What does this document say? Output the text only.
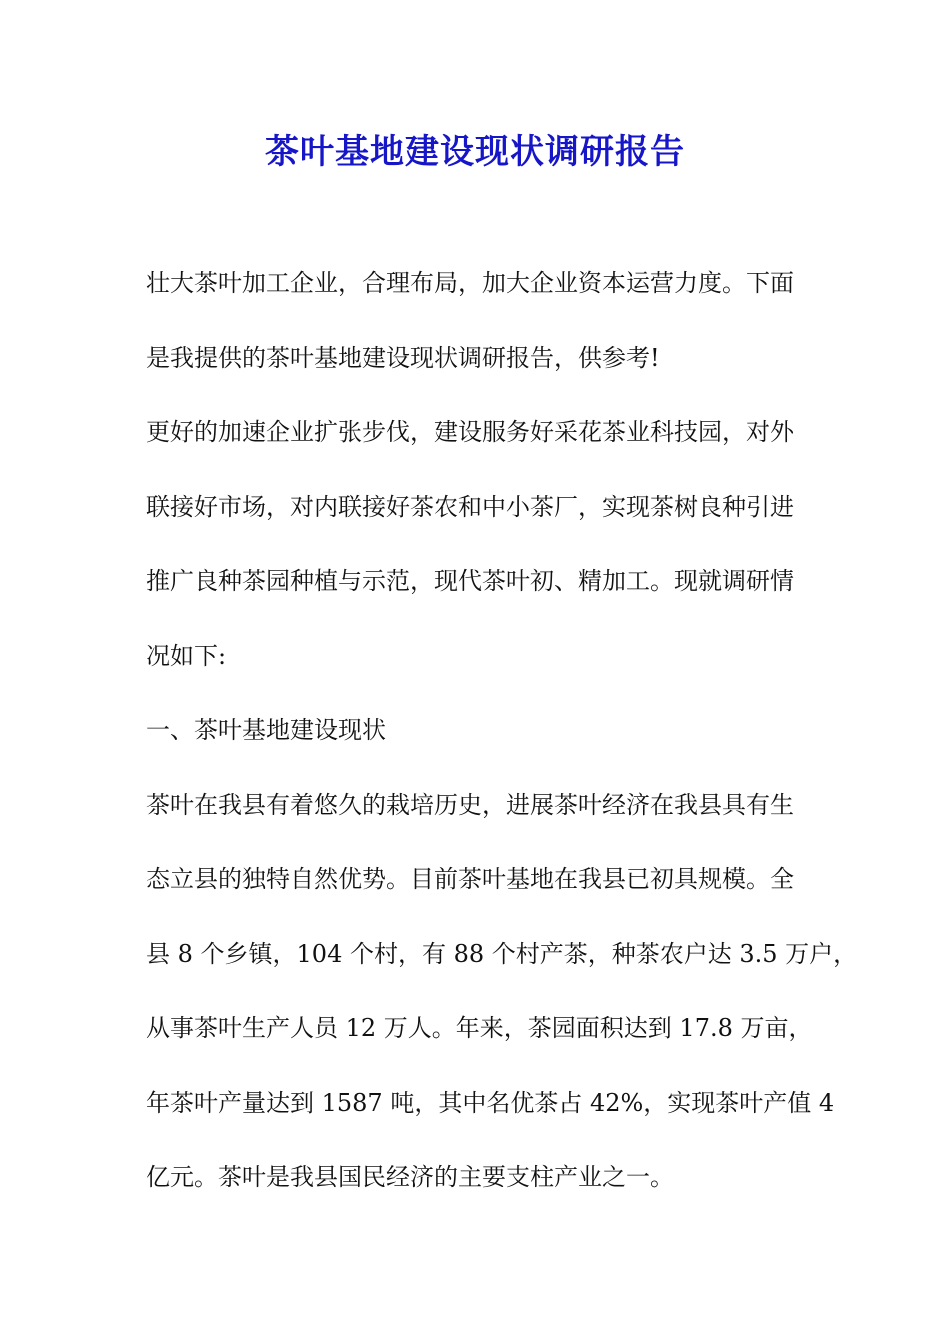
茶叶基地建设现状调研报告
壮大茶叶加工企业，合理布局，加大企业资本运营力度。下面
是我提供的茶叶基地建设现状调研报告，供参考!
更好的加速企业扩张步伐，建设服务好采花茶业科技园，对外
联接好市场，对内联接好茶农和中小茶厂，实现茶树良种引进
推广良种茶园种植与示范，现代茶叶初、精加工。现就调研情
况如下:
一、茶叶基地建设现状
茶叶在我县有着悠久的栽培历史，进展茶叶经济在我县具有生
态立县的独特自然优势。目前茶叶基地在我县已初具规模。全
县 8 个乡镇，104 个村，有 88 个村产茶，种茶农户达 3.5 万户，
从事茶叶生产人员 12 万人。年来，茶园面积达到 17.8 万亩，
年茶叶产量达到 1587 吨，其中名优茶占 42%，实现茶叶产值 4
亿元。茶叶是我县国民经济的主要支柱产业之一。
